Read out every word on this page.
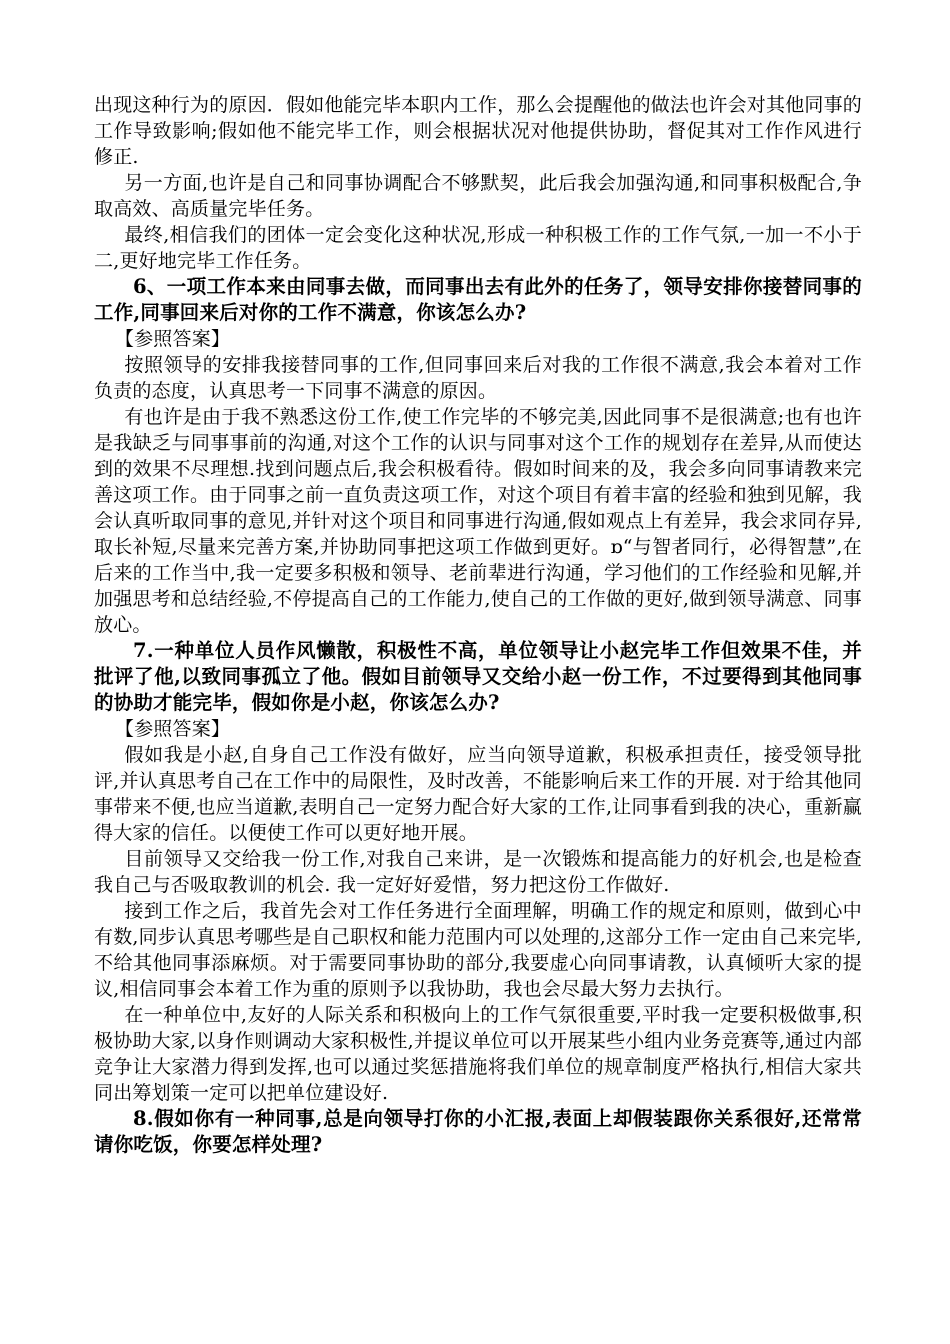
出现这种行为的原因．假如他能完毕本职内工作，那么会提醒他的做法也许会对其他同事的工作导致影响;假如他不能完毕工作，则会根据状况对他提供协助，督促其对工作作风进行修正.

另一方面,也许是自己和同事协调配合不够默契，此后我会加强沟通,和同事积极配合,争取高效、高质量完毕任务。

最终,相信我们的团体一定会变化这种状况,形成一种积极工作的工作气氛,一加一不小于二,更好地完毕工作任务。

6、一项工作本来由同事去做，而同事出去有此外的任务了，领导安排你接替同事的工作,同事回来后对你的工作不满意，你该怎么办?

【参照答案】

按照领导的安排我接替同事的工作,但同事回来后对我的工作很不满意,我会本着对工作负责的态度，认真思考一下同事不满意的原因。

有也许是由于我不熟悉这份工作,使工作完毕的不够完美,因此同事不是很满意;也有也许是我缺乏与同事事前的沟通,对这个工作的认识与同事对这个工作的规划存在差异,从而使达到的效果不尽理想.找到问题点后,我会积极看待。假如时间来的及，我会多向同事请教来完善这项工作。由于同事之前一直负责这项工作，对这个项目有着丰富的经验和独到见解，我会认真听取同事的意见,并针对这个项目和同事进行沟通,假如观点上有差异，我会求同存异,取长补短,尽量来完善方案,并协助同事把这项工作做到更好。ɒ“与智者同行，必得智慧”,在后来的工作当中,我一定要多积极和领导、老前辈进行沟通，学习他们的工作经验和见解,并加强思考和总结经验,不停提高自己的工作能力,使自己的工作做的更好,做到领导满意、同事放心。

7.一种单位人员作风懒散，积极性不高，单位领导让小赵完毕工作但效果不佳，并批评了他,以致同事孤立了他。假如目前领导又交给小赵一份工作，不过要得到其他同事的协助才能完毕，假如你是小赵，你该怎么办?

【参照答案】

假如我是小赵,自身自己工作没有做好，应当向领导道歉，积极承担责任，接受领导批评,并认真思考自己在工作中的局限性，及时改善，不能影响后来工作的开展. 对于给其他同事带来不便,也应当道歉,表明自己一定努力配合好大家的工作,让同事看到我的决心，重新赢得大家的信任。以便使工作可以更好地开展。

目前领导又交给我一份工作,对我自己来讲，是一次锻炼和提高能力的好机会,也是检查我自己与否吸取教训的机会. 我一定好好爱惜，努力把这份工作做好.

接到工作之后，我首先会对工作任务进行全面理解，明确工作的规定和原则，做到心中有数,同步认真思考哪些是自己职权和能力范围内可以处理的,这部分工作一定由自己来完毕,不给其他同事添麻烦。对于需要同事协助的部分,我要虚心向同事请教，认真倾听大家的提议,相信同事会本着工作为重的原则予以我协助，我也会尽最大努力去执行。

在一种单位中,友好的人际关系和积极向上的工作气氛很重要,平时我一定要积极做事,积极协助大家,以身作则调动大家积极性,并提议单位可以开展某些小组内业务竞赛等,通过内部竞争让大家潜力得到发挥,也可以通过奖惩措施将我们单位的规章制度严格执行,相信大家共同出筹划策一定可以把单位建设好.

8.假如你有一种同事,总是向领导打你的小汇报,表面上却假装跟你关系很好,还常常请你吃饭，你要怎样处理?
